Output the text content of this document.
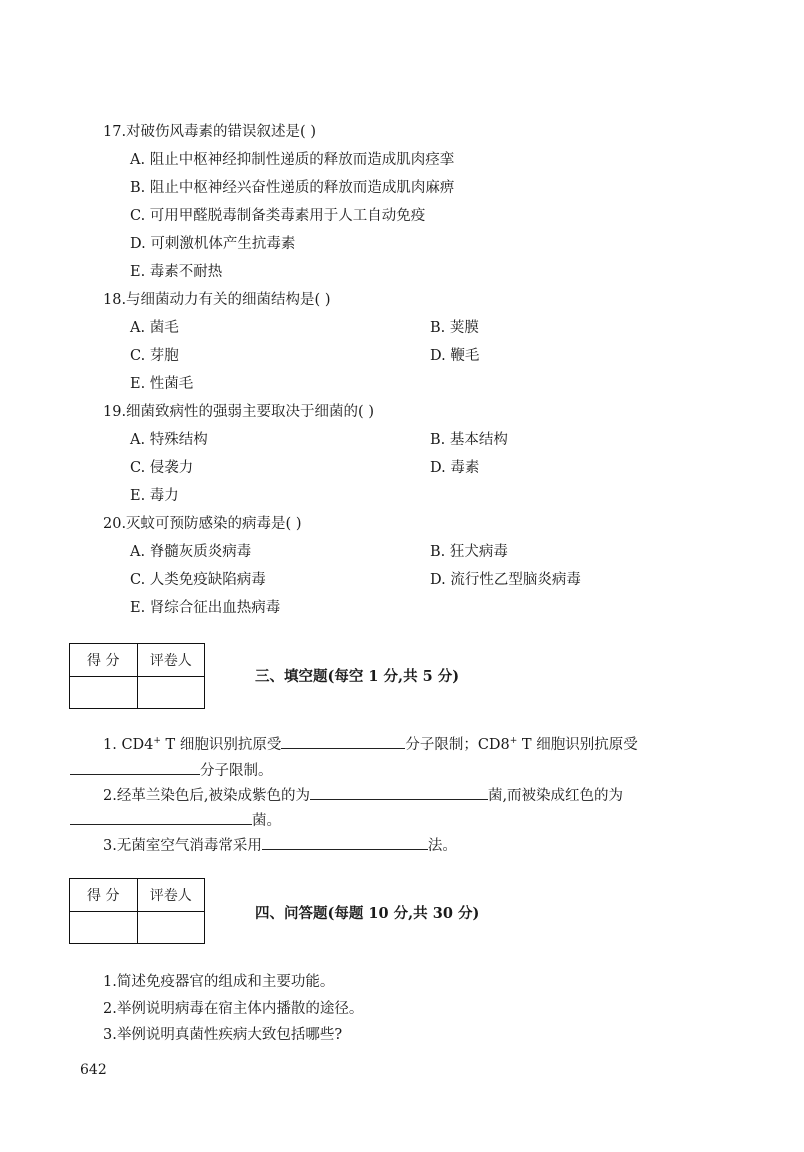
17.对破伤风毒素的错误叙述是( )
A. 阻止中枢神经抑制性递质的释放而造成肌肉痉挛
B. 阻止中枢神经兴奋性递质的释放而造成肌肉麻痹
C. 可用甲醛脱毒制备类毒素用于人工自动免疫
D. 可刺激机体产生抗毒素
E. 毒素不耐热
18.与细菌动力有关的细菌结构是( )
A. 菌毛	B. 荚膜
C. 芽胞	D. 鞭毛
E. 性菌毛
19.细菌致病性的强弱主要取决于细菌的( )
A. 特殊结构	B. 基本结构
C. 侵袭力	D. 毒素
E. 毒力
20.灭蚊可预防感染的病毒是( )
A. 脊髓灰质炎病毒	B. 狂犬病毒
C. 人类免疫缺陷病毒	D. 流行性乙型脑炎病毒
E. 肾综合征出血热病毒
得 分	评卷人

三、填空题(每空 1 分,共 5 分)
1. CD4+ T 细胞识别抗原受	分子限制；CD8+ T 细胞识别抗原受
分子限制。
2.经革兰染色后,被染成紫色的为	菌,而被染成红色的为
菌。
3.无菌室空气消毒常采用	法。
得 分	评卷人

四、问答题(每题 10 分,共 30 分)
1.简述免疫器官的组成和主要功能。
2.举例说明病毒在宿主体内播散的途径。
3.举例说明真菌性疾病大致包括哪些?
642
